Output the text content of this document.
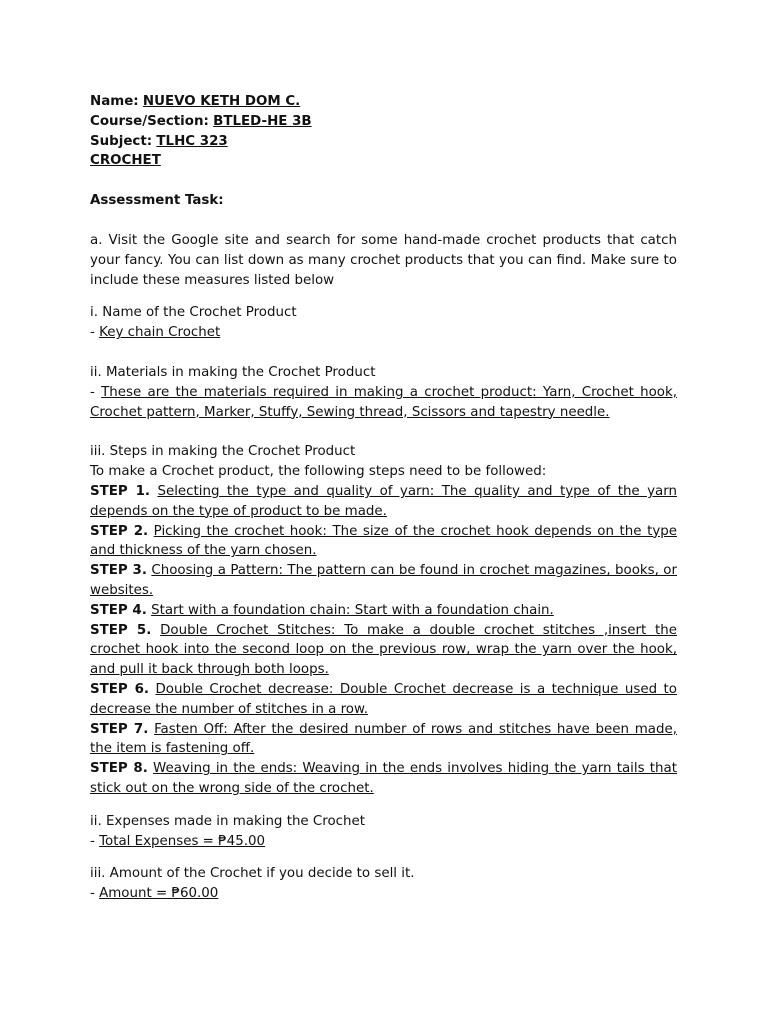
Name: NUEVO KETH DOM C.

Course/Section: BTLED-HE 3B

Subject: TLHC 323

CROCHET

Assessment Task:

a. Visit the Google site and search for some hand-made crochet products that catch your fancy. You can list down as many crochet products that you can find. Make sure to include these measures listed below

i. Name of the Crochet Product

- Key chain Crochet

ii. Materials in making the Crochet Product

- These are the materials required in making a crochet product: Yarn, Crochet hook, Crochet pattern, Marker, Stuffy, Sewing thread, Scissors and tapestry needle.

iii. Steps in making the Crochet Product

To make a Crochet product, the following steps need to be followed:

STEP 1. Selecting the type and quality of yarn: The quality and type of the yarn depends on the type of product to be made.

STEP 2. Picking the crochet hook: The size of the crochet hook depends on the type and thickness of the yarn chosen.

STEP 3. Choosing a Pattern: The pattern can be found in crochet magazines, books, or websites.

STEP 4. Start with a foundation chain: Start with a foundation chain.

STEP 5. Double Crochet Stitches: To make a double crochet stitches ,insert the crochet hook into the second loop on the previous row, wrap the yarn over the hook, and pull it back through both loops.

STEP 6. Double Crochet decrease: Double Crochet decrease is a technique used to decrease the number of stitches in a row.

STEP 7. Fasten Off: After the desired number of rows and stitches have been made, the item is fastening off.

STEP 8. Weaving in the ends: Weaving in the ends involves hiding the yarn tails that stick out on the wrong side of the crochet.

ii. Expenses made in making the Crochet

- Total Expenses = ₱45.00

iii. Amount of the Crochet if you decide to sell it.

- Amount = ₱60.00
